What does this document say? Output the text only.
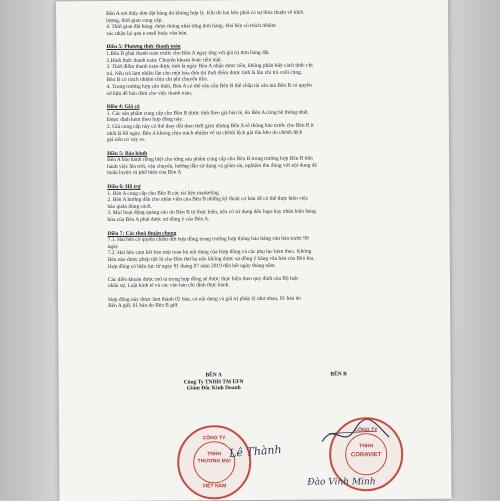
Bên A xét thấy đơn đặt hàng đó không hợp lý. Khi đó hai bên phải có sự thỏa thuận về khối

lượng, thời gian cung cấp.

4. Thời gian đặt hàng: được thống nhất từng đơn hàng. Hai bên có trách nhiệm

xác nhận lại qua e-mail hoặc văn bản.

Điều 5: Phương thức thanh toán

1.Bên B phải thanh toán trước cho Bên A ngay ứng với giá trị đơn hàng đặt.

2.Hình thức thanh toán: Chuyển khoản hoặc tiền mặt.

3. Thời điểm thanh toán được tính là ngày Bên A nhận được tiền, không phân biệt cách thức chi

trả. Nếu trả làm nhiều lần cho một hóa đơn thì thời điểm được tính là lần chi trả cuối cùng.

Bên B có trách nhiệm chịu chi phí chuyển tiền.

4. Trong trường hợp cần thiết, Bên A có thể yêu cầu Bên B thể chấp tài sản mà Bên B có quyền

sở hữu để bảo đảm cho việc thanh toán.

Điều 4: Giá cả

1. Các sản phẩm cung cấp cho Bên B được tính theo giá bán lẻ, do Bên A công bố thống nhất.

Được định kèm theo hợp đồng này.

2. Giá cung cấp này có thể thay đổi theo thời gian nhưng Bên A sẽ thông báo trước cho Bên B ít

nhất là 60 ngày. Bên A không chịu trách nhiệm về sự chênh lệch giá tồn kho do chênh lệch

giá nếu có xảy ra.

Điều 5: Bảo hành

Bên A bảo hành riêng biệt cho từng sản phẩm cung cấp cho Bên B trong trường hợp Bên B tiến

hành việc lên trời, vận chuyển, hướng dẫn sử dụng và giám sát, nghiệm thu đúng với nội dung đã

huấn luyện và phổ biến của Bên A

Điều 6: Hỗ trợ

1. Bên A cung cấp cho Bên B các tài liệu marketing.

2. Bên A hướng dẫn cho nhân viên của Bên B những kỹ thuật cơ bản để có thể thực hiện việc

bảo quản đúng cách.

3. Mọi hoạt động quảng cáo do Bên B tự thực hiện, nếu có sử dụng đến logo hay nhãn hiệu hàng

hóa của Bên A phải được sự đồng ý của Bên A.

Điều 7: Các thoả thuận chung

7.1. Hai bên có quyền chấm dứt hợp đồng trong trường hợp thông báo bằng văn bản trước 90

ngày

7.2. Hai bên cam kết bảo mật toàn bộ nội dung của Hợp đồng và các phụ lục kèm theo. Không

Bên nào được phép tiết lộ cho Bên thứ ba nếu không được sự đồng ý bằng văn bản của Bên kia.

Hợp đồng có hiệu lực từ ngày 01 tháng 07 năm 2019 đến hết ngày tháng năm

Các điều khoản được mô tả trong hợp đồng sẽ được thực hiện theo quy định của Bộ luật

nhân sự, Luật kinh tế và các văn bản chỉ định thực hành.

Hợp đồng này được làm thành 02 bản, có nội dung và giá trị pháp lý như nhau, 01 bản do

Bên A giữ, 01 bản do Bên B giữ.

BÊN A
Công Ty TNHH TM EFN
Giám Đốc Kinh Doanh
BÊN B
CÔNG TY
TNHH
THƯƠNG MẠI
VIỆT NAM
Lê Thành
CÔNG TY
TNHH
CORAVIET
Đào Vinh Minh
